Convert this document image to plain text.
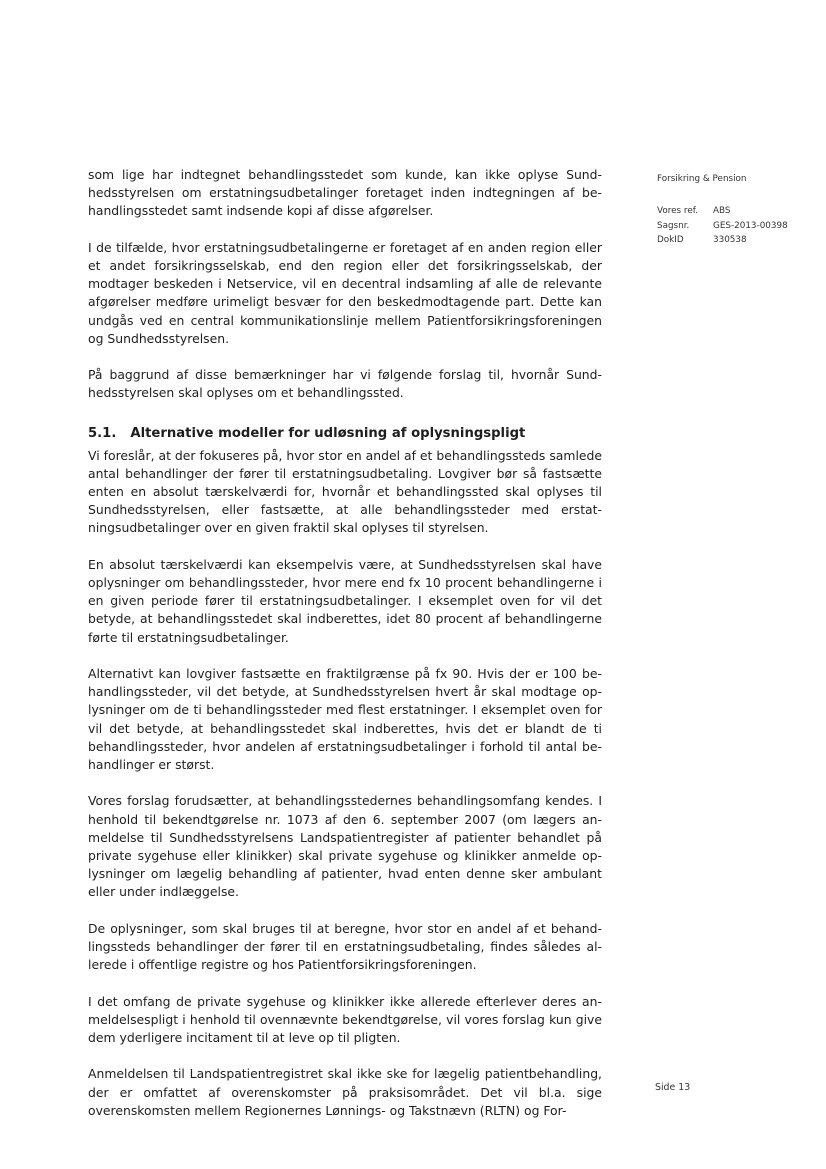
Forsikring & Pension
Vores ref.	ABS
Sagsnr.	GES-2013-00398
DokID	330538

som lige har indtegnet behandlingsstedet som kunde, kan ikke oplyse Sundhedsstyrelsen om erstatningsudbetalinger foretaget inden indtegningen af behandlingsstedet samt indsende kopi af disse afgørelser.

I de tilfælde, hvor erstatningsudbetalingerne er foretaget af en anden region eller et andet forsikringsselskab, end den region eller det forsikringsselskab, der modtager beskeden i Netservice, vil en decentral indsamling af alle de relevante afgørelser medføre urimeligt besvær for den beskedmodtagende part. Dette kan undgås ved en central kommunikationslinje mellem Patientforsikringsforeningen og Sundhedsstyrelsen.

På baggrund af disse bemærkninger har vi følgende forslag til, hvornår Sundhedsstyrelsen skal oplyses om et behandlingssted.

5.1. Alternative modeller for udløsning af oplysningspligt

Vi foreslår, at der fokuseres på, hvor stor en andel af et behandlingssteds samlede antal behandlinger der fører til erstatningsudbetaling. Lovgiver bør så fastsætte enten en absolut tærskelværdi for, hvornår et behandlingssted skal oplyses til Sundhedsstyrelsen, eller fastsætte, at alle behandlingssteder med erstatningsudbetalinger over en given fraktil skal oplyses til styrelsen.

En absolut tærskelværdi kan eksempelvis være, at Sundhedsstyrelsen skal have oplysninger om behandlingssteder, hvor mere end fx 10 procent behandlingerne i en given periode fører til erstatningsudbetalinger. I eksemplet oven for vil det betyde, at behandlingsstedet skal indberettes, idet 80 procent af behandlingerne førte til erstatningsudbetalinger.

Alternativt kan lovgiver fastsætte en fraktilgrænse på fx 90. Hvis der er 100 behandlingssteder, vil det betyde, at Sundhedsstyrelsen hvert år skal modtage oplysninger om de ti behandlingssteder med flest erstatninger. I eksemplet oven for vil det betyde, at behandlingsstedet skal indberettes, hvis det er blandt de ti behandlingssteder, hvor andelen af erstatningsudbetalinger i forhold til antal behandlinger er størst.

Vores forslag forudsætter, at behandlingsstedernes behandlingsomfang kendes. I henhold til bekendtgørelse nr. 1073 af den 6. september 2007 (om lægers anmeldelse til Sundhedsstyrelsens Landspatientregister af patienter behandlet på private sygehuse eller klinikker) skal private sygehuse og klinikker anmelde oplysninger om lægelig behandling af patienter, hvad enten denne sker ambulant eller under indlæggelse.

De oplysninger, som skal bruges til at beregne, hvor stor en andel af et behandlingssteds behandlinger der fører til en erstatningsudbetaling, findes således allerede i offentlige registre og hos Patientforsikringsforeningen.

I det omfang de private sygehuse og klinikker ikke allerede efterlever deres anmeldelsespligt i henhold til ovennævnte bekendtgørelse, vil vores forslag kun give dem yderligere incitament til at leve op til pligten.

Anmeldelsen til Landspatientregistret skal ikke ske for lægelig patientbehandling, der er omfattet af overenskomster på praksisområdet. Det vil bl.a. sige overenskomsten mellem Regionernes Lønnings- og Takstnævn (RLTN) og For-

Side 13
